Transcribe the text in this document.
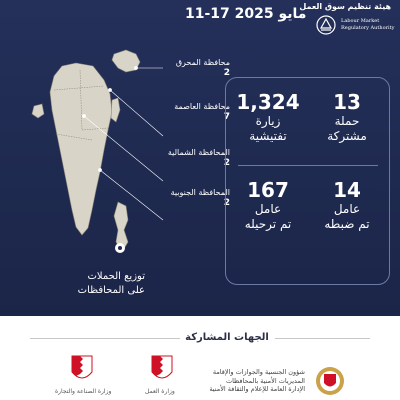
11-17 مايو 2025
هيئة تنظيم سوق العمل
Labour Market
Regulatory Authority
محافظة المحرق
2
محافظة العاصمة
7
المحافظة الشمالية
2
المحافظة الجنوبية
2
توزيع الحملات
على المحافظات
13
حملة
مشتركة
1,324
زيارة
تفتيشية
14
عامل
تم ضبطه
167
عامل
تم ترحيله
الجهات المشاركة
وزارة الصناعة والتجارة	وزارة العمل
شؤون الجنسية والجوازات والإقامة
المديريات الأمنية بالمحافظات
الإدارة العامة للإعلام والثقافة الأمنية
